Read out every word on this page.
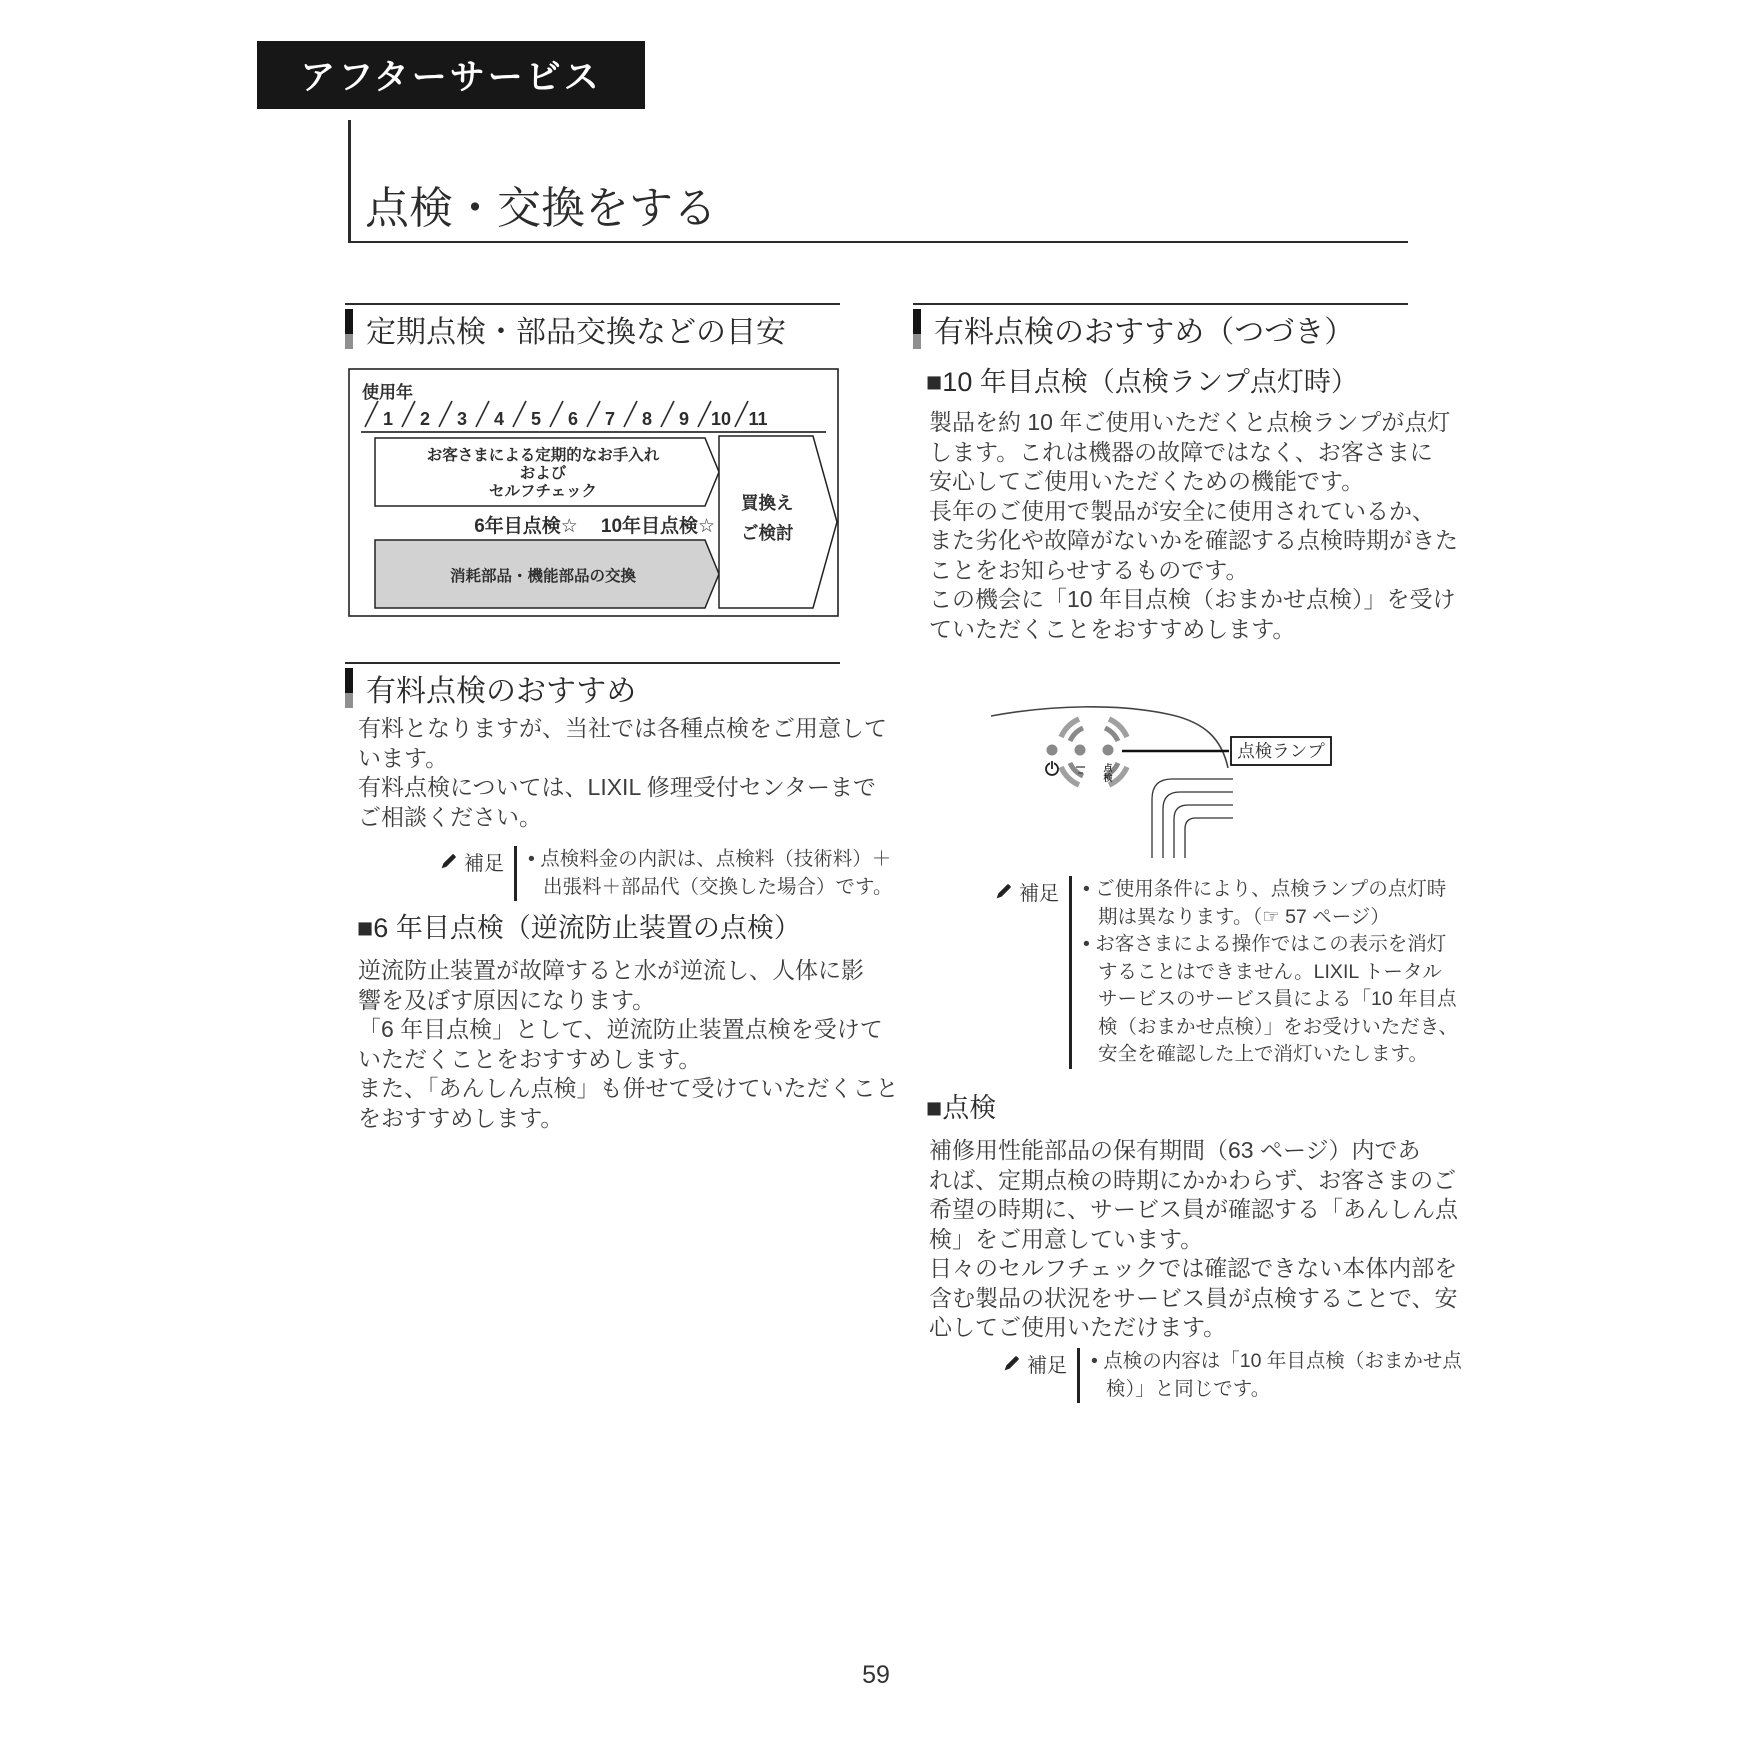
アフターサービス
点検・交換をする
定期点検・部品交換などの目安
使用年
1 2 3 4 5 6 7 8 9 10 11
お客さまによる定期的なお手入れ
および
セルフチェック
6年目点検☆ 10年目点検☆
消耗部品・機能部品の交換
買換え
ご検討
有料点検のおすすめ
有料となりますが、当社では各種点検をご用意して
います。
有料点検については、LIXIL 修理受付センターまで
ご相談ください。
補足 • 点検料金の内訳は、点検料（技術料）＋
出張料＋部品代（交換した場合）です。
■6 年目点検（逆流防止装置の点検）
逆流防止装置が故障すると水が逆流し、人体に影
響を及ぼす原因になります。
「6 年目点検」として、逆流防止装置点検を受けて
いただくことをおすすめします。
また、「あんしん点検」も併せて受けていただくこと
をおすすめします。
有料点検のおすすめ（つづき）
■10 年目点検（点検ランプ点灯時）
製品を約 10 年ご使用いただくと点検ランプが点灯
します。これは機器の故障ではなく、お客さまに
安心してご使用いただくための機能です。
長年のご使用で製品が安全に使用されているか、
また劣化や故障がないかを確認する点検時期がきた
ことをお知らせするものです。
この機会に「10 年目点検（おまかせ点検）」を受け
ていただくことをおすすめします。
点
検
点検ランプ
補足 • ご使用条件により、点検ランプの点灯時
期は異なります。（☞ 57 ページ）
• お客さまによる操作ではこの表示を消灯
することはできません。LIXIL トータル
サービスのサービス員による「10 年目点
検（おまかせ点検）」をお受けいただき、
安全を確認した上で消灯いたします。
■点検
補修用性能部品の保有期間（63 ページ）内であ
れば、定期点検の時期にかかわらず、お客さまのご
希望の時期に、サービス員が確認する「あんしん点
検」をご用意しています。
日々のセルフチェックでは確認できない本体内部を
含む製品の状況をサービス員が点検することで、安
心してご使用いただけます。
補足 • 点検の内容は「10 年目点検（おまかせ点
検）」と同じです。
59
